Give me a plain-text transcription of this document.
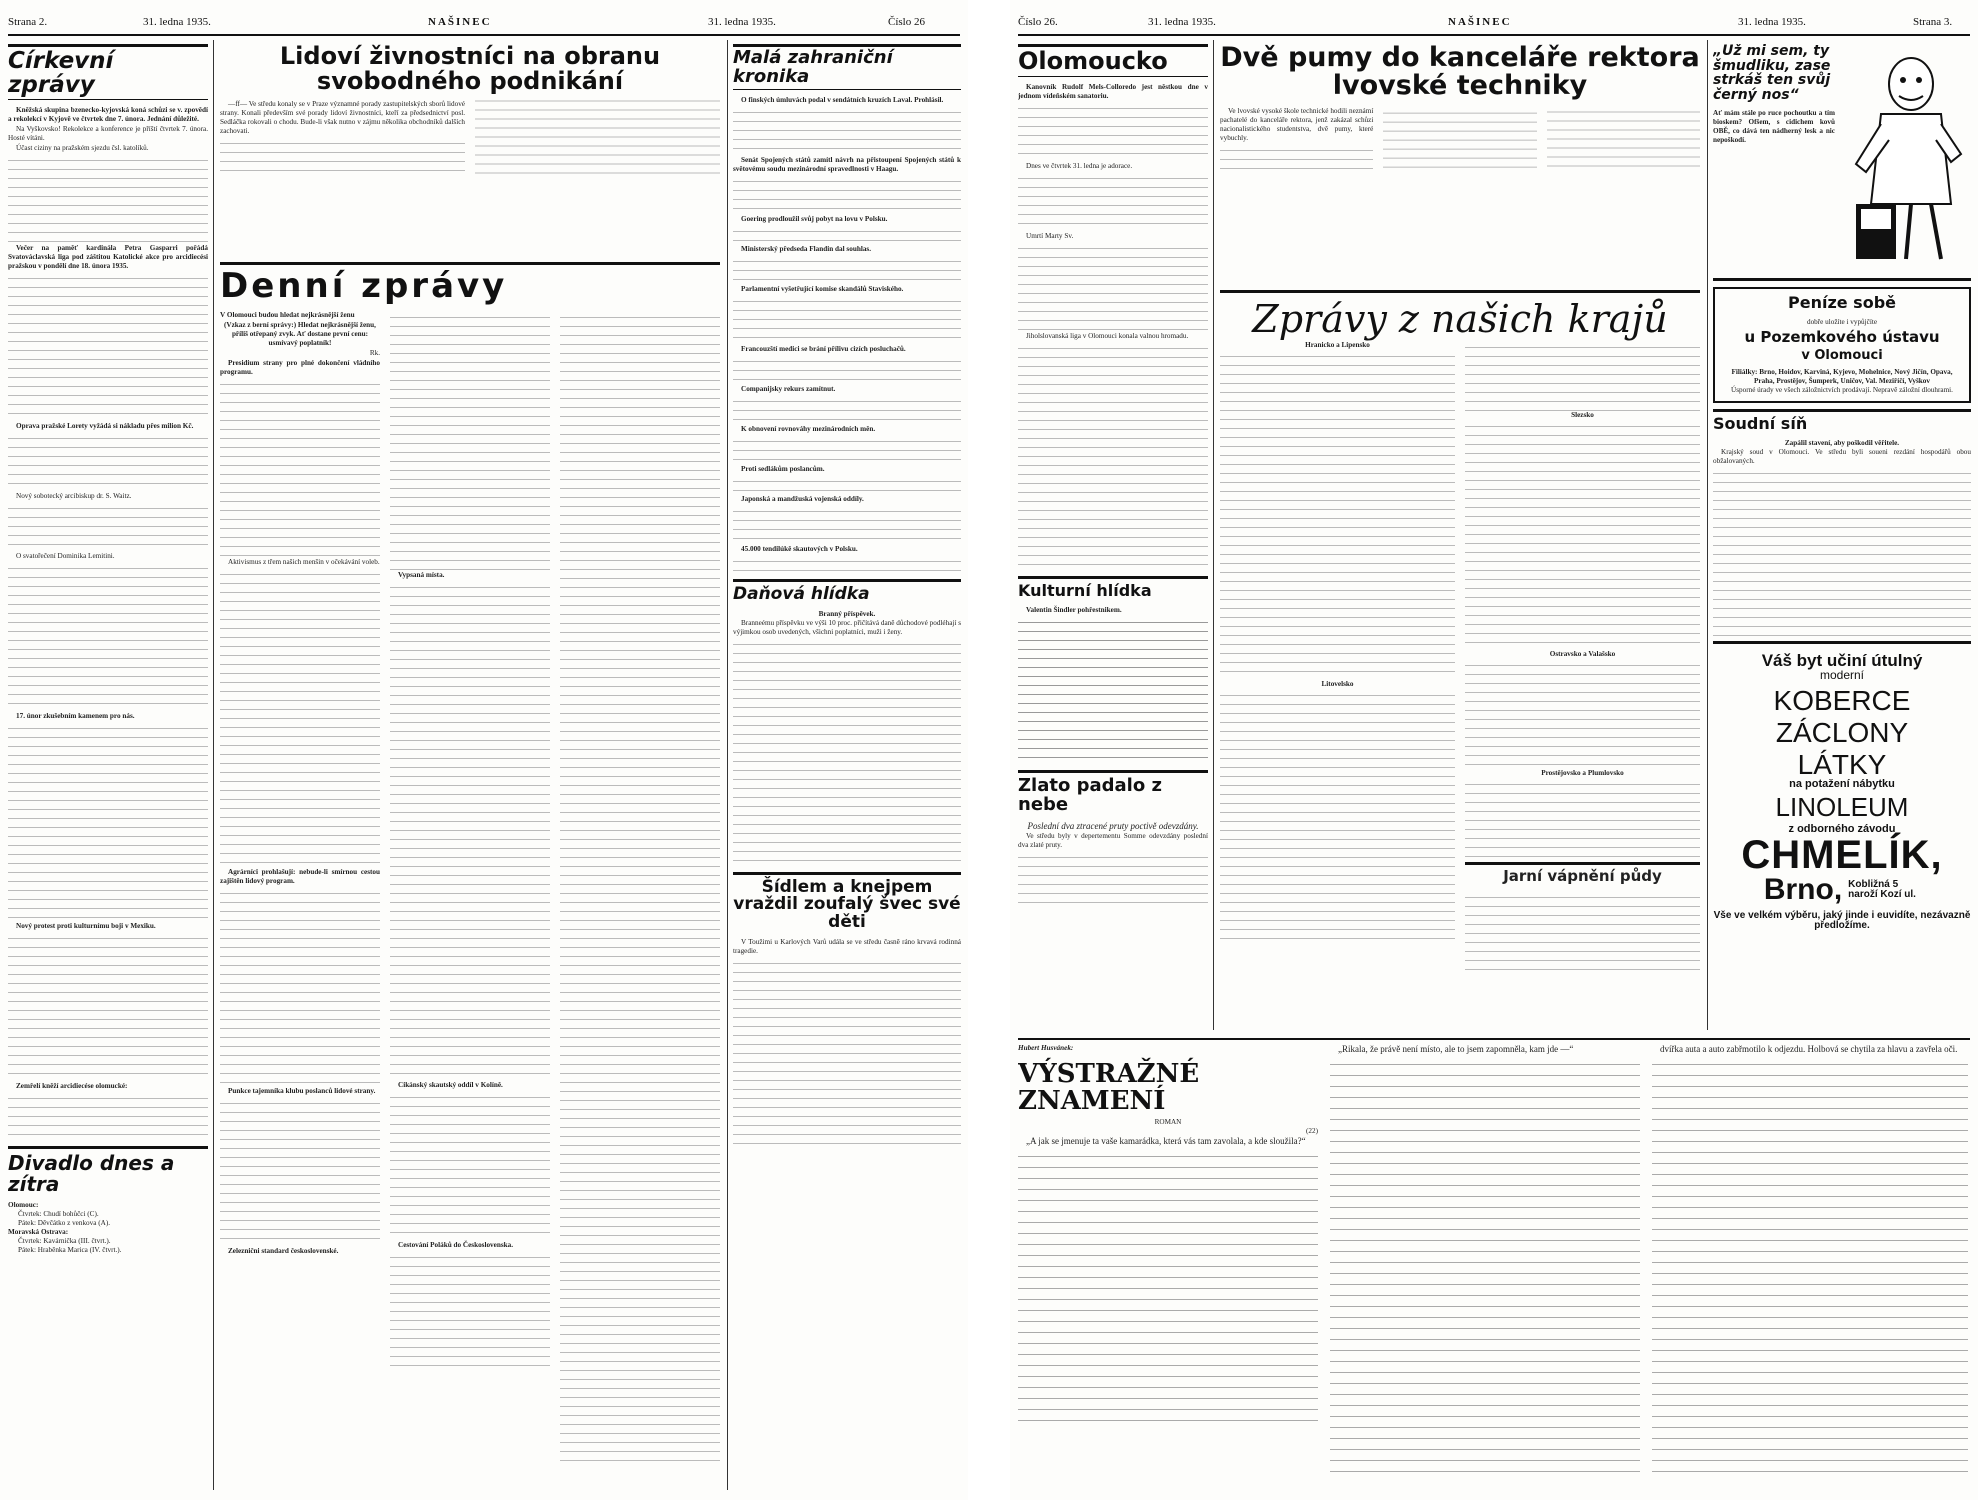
Strana 2.	31. ledna 1935.	NAŠINEC	31. ledna 1935.	Číslo 26
Církevní zprávy

Kněžská skupina bzenecko-kyjovská koná schůzi se v. zpovědí a rekolekcí v Kyjově ve čtvrtek dne 7. února. Jednání důležité.

Na Vyškovsko! Rekolekce a konference je příští čtvrtek 7. února. Hosté vítáni.

Účast ciziny na pražském sjezdu čsl. katolíků.

Večer na paměť kardinála Petra Gasparri pořádá Svatováclavská liga pod záštitou Katolické akce pro arcidiecési pražskou v pondělí dne 18. února 1935.

Oprava pražské Lorety vyžádá si nákladu přes milion Kč.

Nový sobotecký arcibiskup dr. S. Waitz.

O svatořečení Dominika Lemitini.

17. únor zkušebním kamenem pro nás.

Nový protest proti kulturnímu boji v Mexiku.

Zemřelí kněží arcidiecése olomucké:

Divadlo dnes a zítra
Olomouc:
Čtvrtek: Chudí bohůčci (C).
Pátek: Děvčátko z venkova (A).
Moravská Ostrava:
Čtvrtek: Kavárnička (III. čtvrt.).
Pátek: Hraběnka Marica (IV. čtvrt.).
Lidoví živnostníci na obranu svobodného podnikání

—ff— Ve středu konaly se v Praze významné porady zastupitelských sborů lidové strany. Konali především své porady lidoví živnostníci, kteří za předsednictví posl. Sedláčka rokovali o chodu. Bude-li však nutno v zájmu několika obchodníků dalších zachovati.

Denní zprávy

V Olomouci budou hledat nejkrásnější ženu

(Vzkaz z berní správy:) Hledat nejkrásnější ženu, příliš otřepaný zvyk. Ať dostane první cenu: usmívavý poplatník!

Rk.

Presidium strany pro plné dokončení vládního programu.

Aktivismus z třem našich menšin v očekávání voleb.

Agrárníci prohlašují: nebude-li smírnou cestou zajištěn lidový program.

Punkce tajemníka klubu poslanců lidové strany.

Zeleznični standard československé.

Vypsaná místa.

Cikánský skautský oddíl v Kolíně.

Cestování Poláků do Československa.

Malá zahraniční kronika

O finských úmluvách podal v sendátních kruzích Laval. Prohlásil.

Senát Spojených států zamítl návrh na přistoupení Spojených států k světovému soudu mezinárodní spravedlnosti v Haagu.

Goering prodloužil svůj pobyt na lovu v Polsku.

Ministerský předseda Flandin dal souhlas.

Parlamentní vyšetřující komise skandálů Staviského.

Francouzští medici se brání přílivu cizích posluchačů.

Companijsky rekurs zamítnut.

K obnovení rovnováhy mezinárodních měn.

Proti sedlákům poslancům.

Japonská a mandžuská vojenská oddíly.

45.000 tendilúkě skautových v Polsku.

Daňová hlídka
Branný příspěvek.

Branneému příspěvku ve výši 10 proc. přičítává daně důchodové podléhají s výjimkou osob uvedených, všichni poplatníci, muži i ženy.

Šídlem a knejpem vraždil zoufalý švec své děti

V Toužimi u Karlových Varů udála se ve středu časně ráno krvavá rodinná tragedie.

Číslo 26.	31. ledna 1935.	NAŠINEC	31. ledna 1935.	Strana 3.
Olomoucko

Kanovník Rudolf Mels-Colloredo jest něstkou dne v jednom vídeňském sanatoriu.

Dnes ve čtvrtek 31. ledna je adorace.

Umrtí Marty Sv.

Jiholslovanská liga v Olomouci konala valnou hromadu.

Kulturní hlídka

Valentin Šindler pohřestnikem.

Zlato padalo z nebe
Poslední dva ztracené pruty poctivě odevzdány.

Ve středu byly v depertementu Somme odevzdány poslední dva zlaté pruty.

Dvě pumy do kanceláře rektora lvovské techniky

Ve lvovské vysoké škole technické hodili neznámí pachatelé do kanceláře rektora, jenž zakázal schůzi nacionalistického studentstva, dvě pumy, které vybuchly.

Zprávy z našich krajů
Hranicko a Lipensko
Litovelsko
Slezsko
Ostravsko a Valašsko
Prostějovsko a Plumlovsko
Jarní vápnění půdy
„Už mi sem, ty šmudliku, zase strkáš ten svůj černý nos“
Ať mám stále po ruce pochoutku a tím bioskem? Ofšem, s cidichem kovů OBĚ, co dává ten nádherný lesk a nic nepoškodí.
Peníze sobě
dobře uložíte i vypůjčíte
u Pozemkového ústavu
v Olomouci
Filiálky: Brno, Hoidov, Karviná, Kyjevo, Mohelnice, Nový Jičín, Opava, Praha, Prostějov, Šumperk, Uničov, Val. Meziříčí, Vyškov
Úsporné úrady ve všech záložnictvích prodávají. Nepravě záložní dlouhrami.
Soudní síň
Zapálil stavení, aby poškodil věřitele.

Krajský soud v Olomouci. Ve středu byli soueni rezdání hospodářů obou obžalovaných.

Váš byt učiní útulný
moderní
KOBERCE
ZÁCLONY
LÁTKY
na potažení nábytku
LINOLEUM
z odborného závodu
CHMELÍK,
Brno, Kobližná 5 naroží Kozí ul.
Vše ve velkém výběru, jaký jinde i euvidíte, nezávazně předložíme.
Hubert Husvánek:
VÝSTRAŽNÉ ZNAMENÍ
ROMAN
(22)

„A jak se jmenuje ta vaše kamarádka, která vás tam zavolala, a kde sloužila?“

„Rikala, že právě není místo, ale to jsem zapomněla, kam jde —“	dvířka auta a auto zabřmotilo k odjezdu. Holbová se chytila za hlavu a zavřela oči.
